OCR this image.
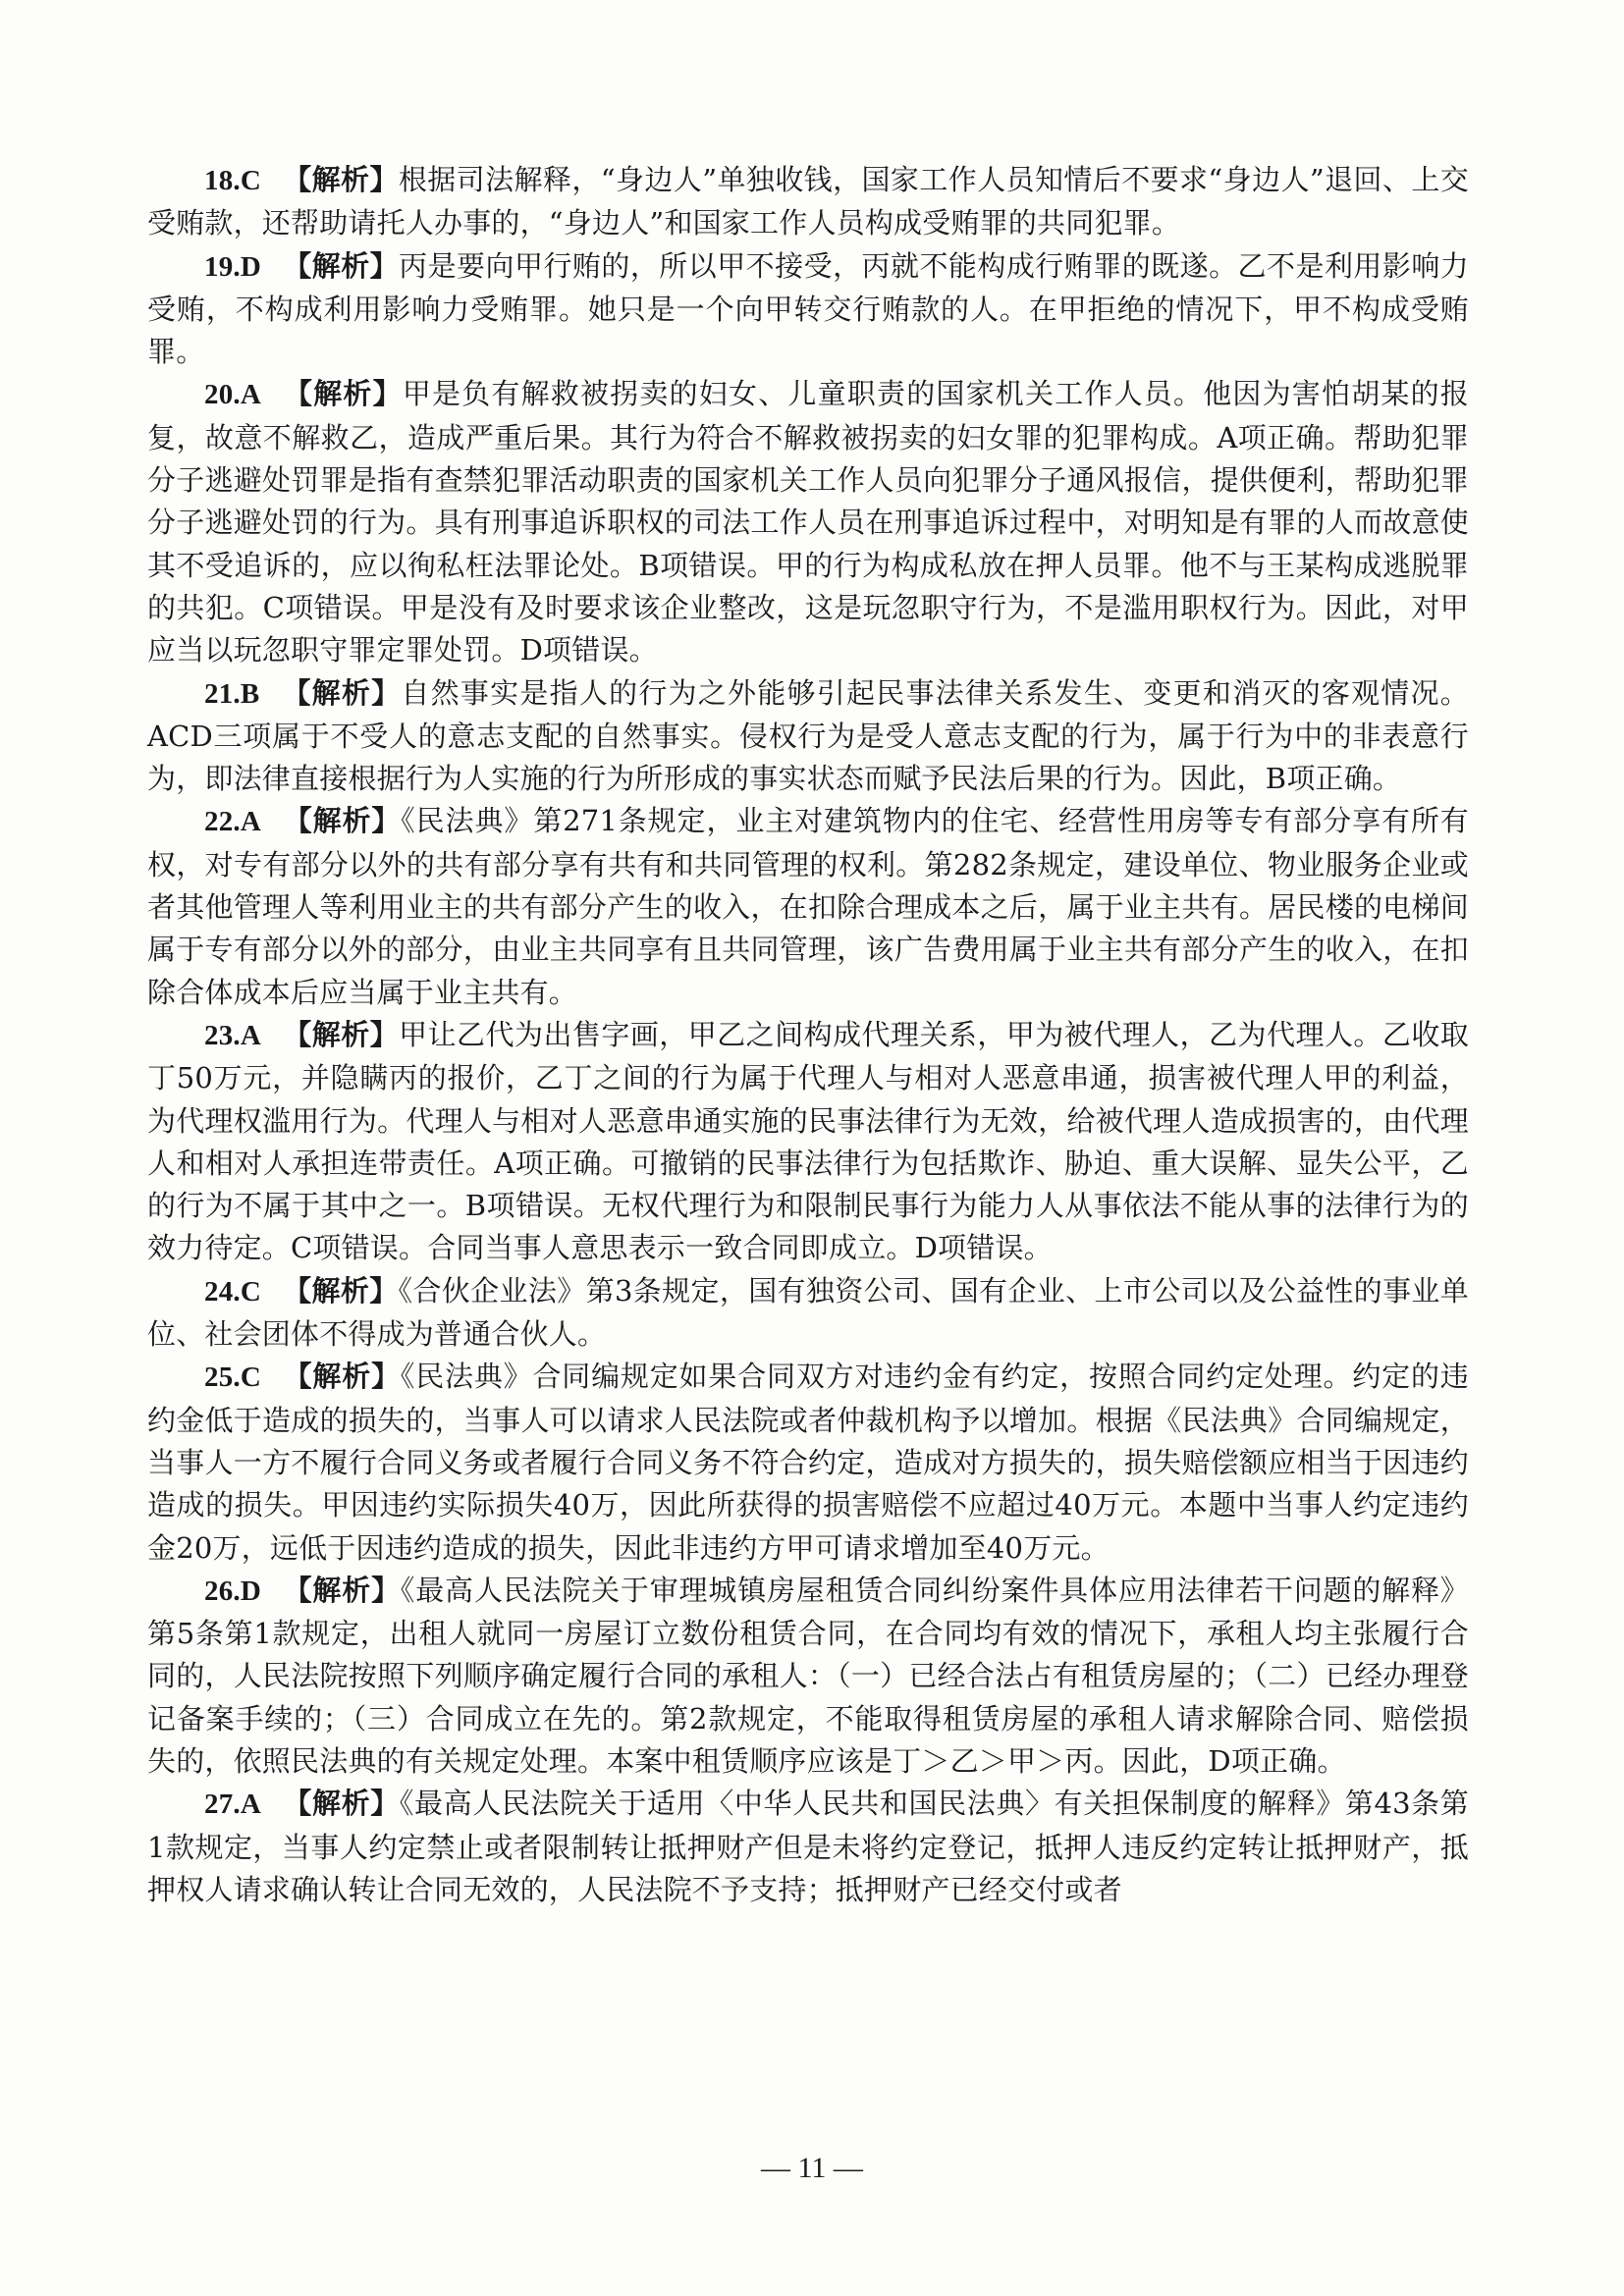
18.C 【解析】根据司法解释，“身边人”单独收钱，国家工作人员知情后不要求“身边人”退回、上交受贿款，还帮助请托人办事的，“身边人”和国家工作人员构成受贿罪的共同犯罪。

19.D 【解析】丙是要向甲行贿的，所以甲不接受，丙就不能构成行贿罪的既遂。乙不是利用影响力受贿，不构成利用影响力受贿罪。她只是一个向甲转交行贿款的人。在甲拒绝的情况下，甲不构成受贿罪。

20.A 【解析】甲是负有解救被拐卖的妇女、儿童职责的国家机关工作人员。他因为害怕胡某的报复，故意不解救乙，造成严重后果。其行为符合不解救被拐卖的妇女罪的犯罪构成。A项正确。帮助犯罪分子逃避处罚罪是指有查禁犯罪活动职责的国家机关工作人员向犯罪分子通风报信，提供便利，帮助犯罪分子逃避处罚的行为。具有刑事追诉职权的司法工作人员在刑事追诉过程中，对明知是有罪的人而故意使其不受追诉的，应以徇私枉法罪论处。B项错误。甲的行为构成私放在押人员罪。他不与王某构成逃脱罪的共犯。C项错误。甲是没有及时要求该企业整改，这是玩忽职守行为，不是滥用职权行为。因此，对甲应当以玩忽职守罪定罪处罚。D项错误。

21.B 【解析】自然事实是指人的行为之外能够引起民事法律关系发生、变更和消灭的客观情况。ACD三项属于不受人的意志支配的自然事实。侵权行为是受人意志支配的行为，属于行为中的非表意行为，即法律直接根据行为人实施的行为所形成的事实状态而赋予民法后果的行为。因此，B项正确。

22.A 【解析】《民法典》第271条规定，业主对建筑物内的住宅、经营性用房等专有部分享有所有权，对专有部分以外的共有部分享有共有和共同管理的权利。第282条规定，建设单位、物业服务企业或者其他管理人等利用业主的共有部分产生的收入，在扣除合理成本之后，属于业主共有。居民楼的电梯间属于专有部分以外的部分，由业主共同享有且共同管理，该广告费用属于业主共有部分产生的收入，在扣除合体成本后应当属于业主共有。

23.A 【解析】甲让乙代为出售字画，甲乙之间构成代理关系，甲为被代理人，乙为代理人。乙收取丁50万元，并隐瞒丙的报价，乙丁之间的行为属于代理人与相对人恶意串通，损害被代理人甲的利益，为代理权滥用行为。代理人与相对人恶意串通实施的民事法律行为无效，给被代理人造成损害的，由代理人和相对人承担连带责任。A项正确。可撤销的民事法律行为包括欺诈、胁迫、重大误解、显失公平，乙的行为不属于其中之一。B项错误。无权代理行为和限制民事行为能力人从事依法不能从事的法律行为的效力待定。C项错误。合同当事人意思表示一致合同即成立。D项错误。

24.C 【解析】《合伙企业法》第3条规定，国有独资公司、国有企业、上市公司以及公益性的事业单位、社会团体不得成为普通合伙人。

25.C 【解析】《民法典》合同编规定如果合同双方对违约金有约定，按照合同约定处理。约定的违约金低于造成的损失的，当事人可以请求人民法院或者仲裁机构予以增加。根据《民法典》合同编规定，当事人一方不履行合同义务或者履行合同义务不符合约定，造成对方损失的，损失赔偿额应相当于因违约造成的损失。甲因违约实际损失40万，因此所获得的损害赔偿不应超过40万元。本题中当事人约定违约金20万，远低于因违约造成的损失，因此非违约方甲可请求增加至40万元。

26.D 【解析】《最高人民法院关于审理城镇房屋租赁合同纠纷案件具体应用法律若干问题的解释》第5条第1款规定，出租人就同一房屋订立数份租赁合同，在合同均有效的情况下，承租人均主张履行合同的，人民法院按照下列顺序确定履行合同的承租人：（一）已经合法占有租赁房屋的；（二）已经办理登记备案手续的；（三）合同成立在先的。第2款规定，不能取得租赁房屋的承租人请求解除合同、赔偿损失的，依照民法典的有关规定处理。本案中租赁顺序应该是丁＞乙＞甲＞丙。因此，D项正确。

27.A 【解析】《最高人民法院关于适用〈中华人民共和国民法典〉有关担保制度的解释》第43条第1款规定，当事人约定禁止或者限制转让抵押财产但是未将约定登记，抵押人违反约定转让抵押财产，抵押权人请求确认转让合同无效的，人民法院不予支持；抵押财产已经交付或者

— 11 —
